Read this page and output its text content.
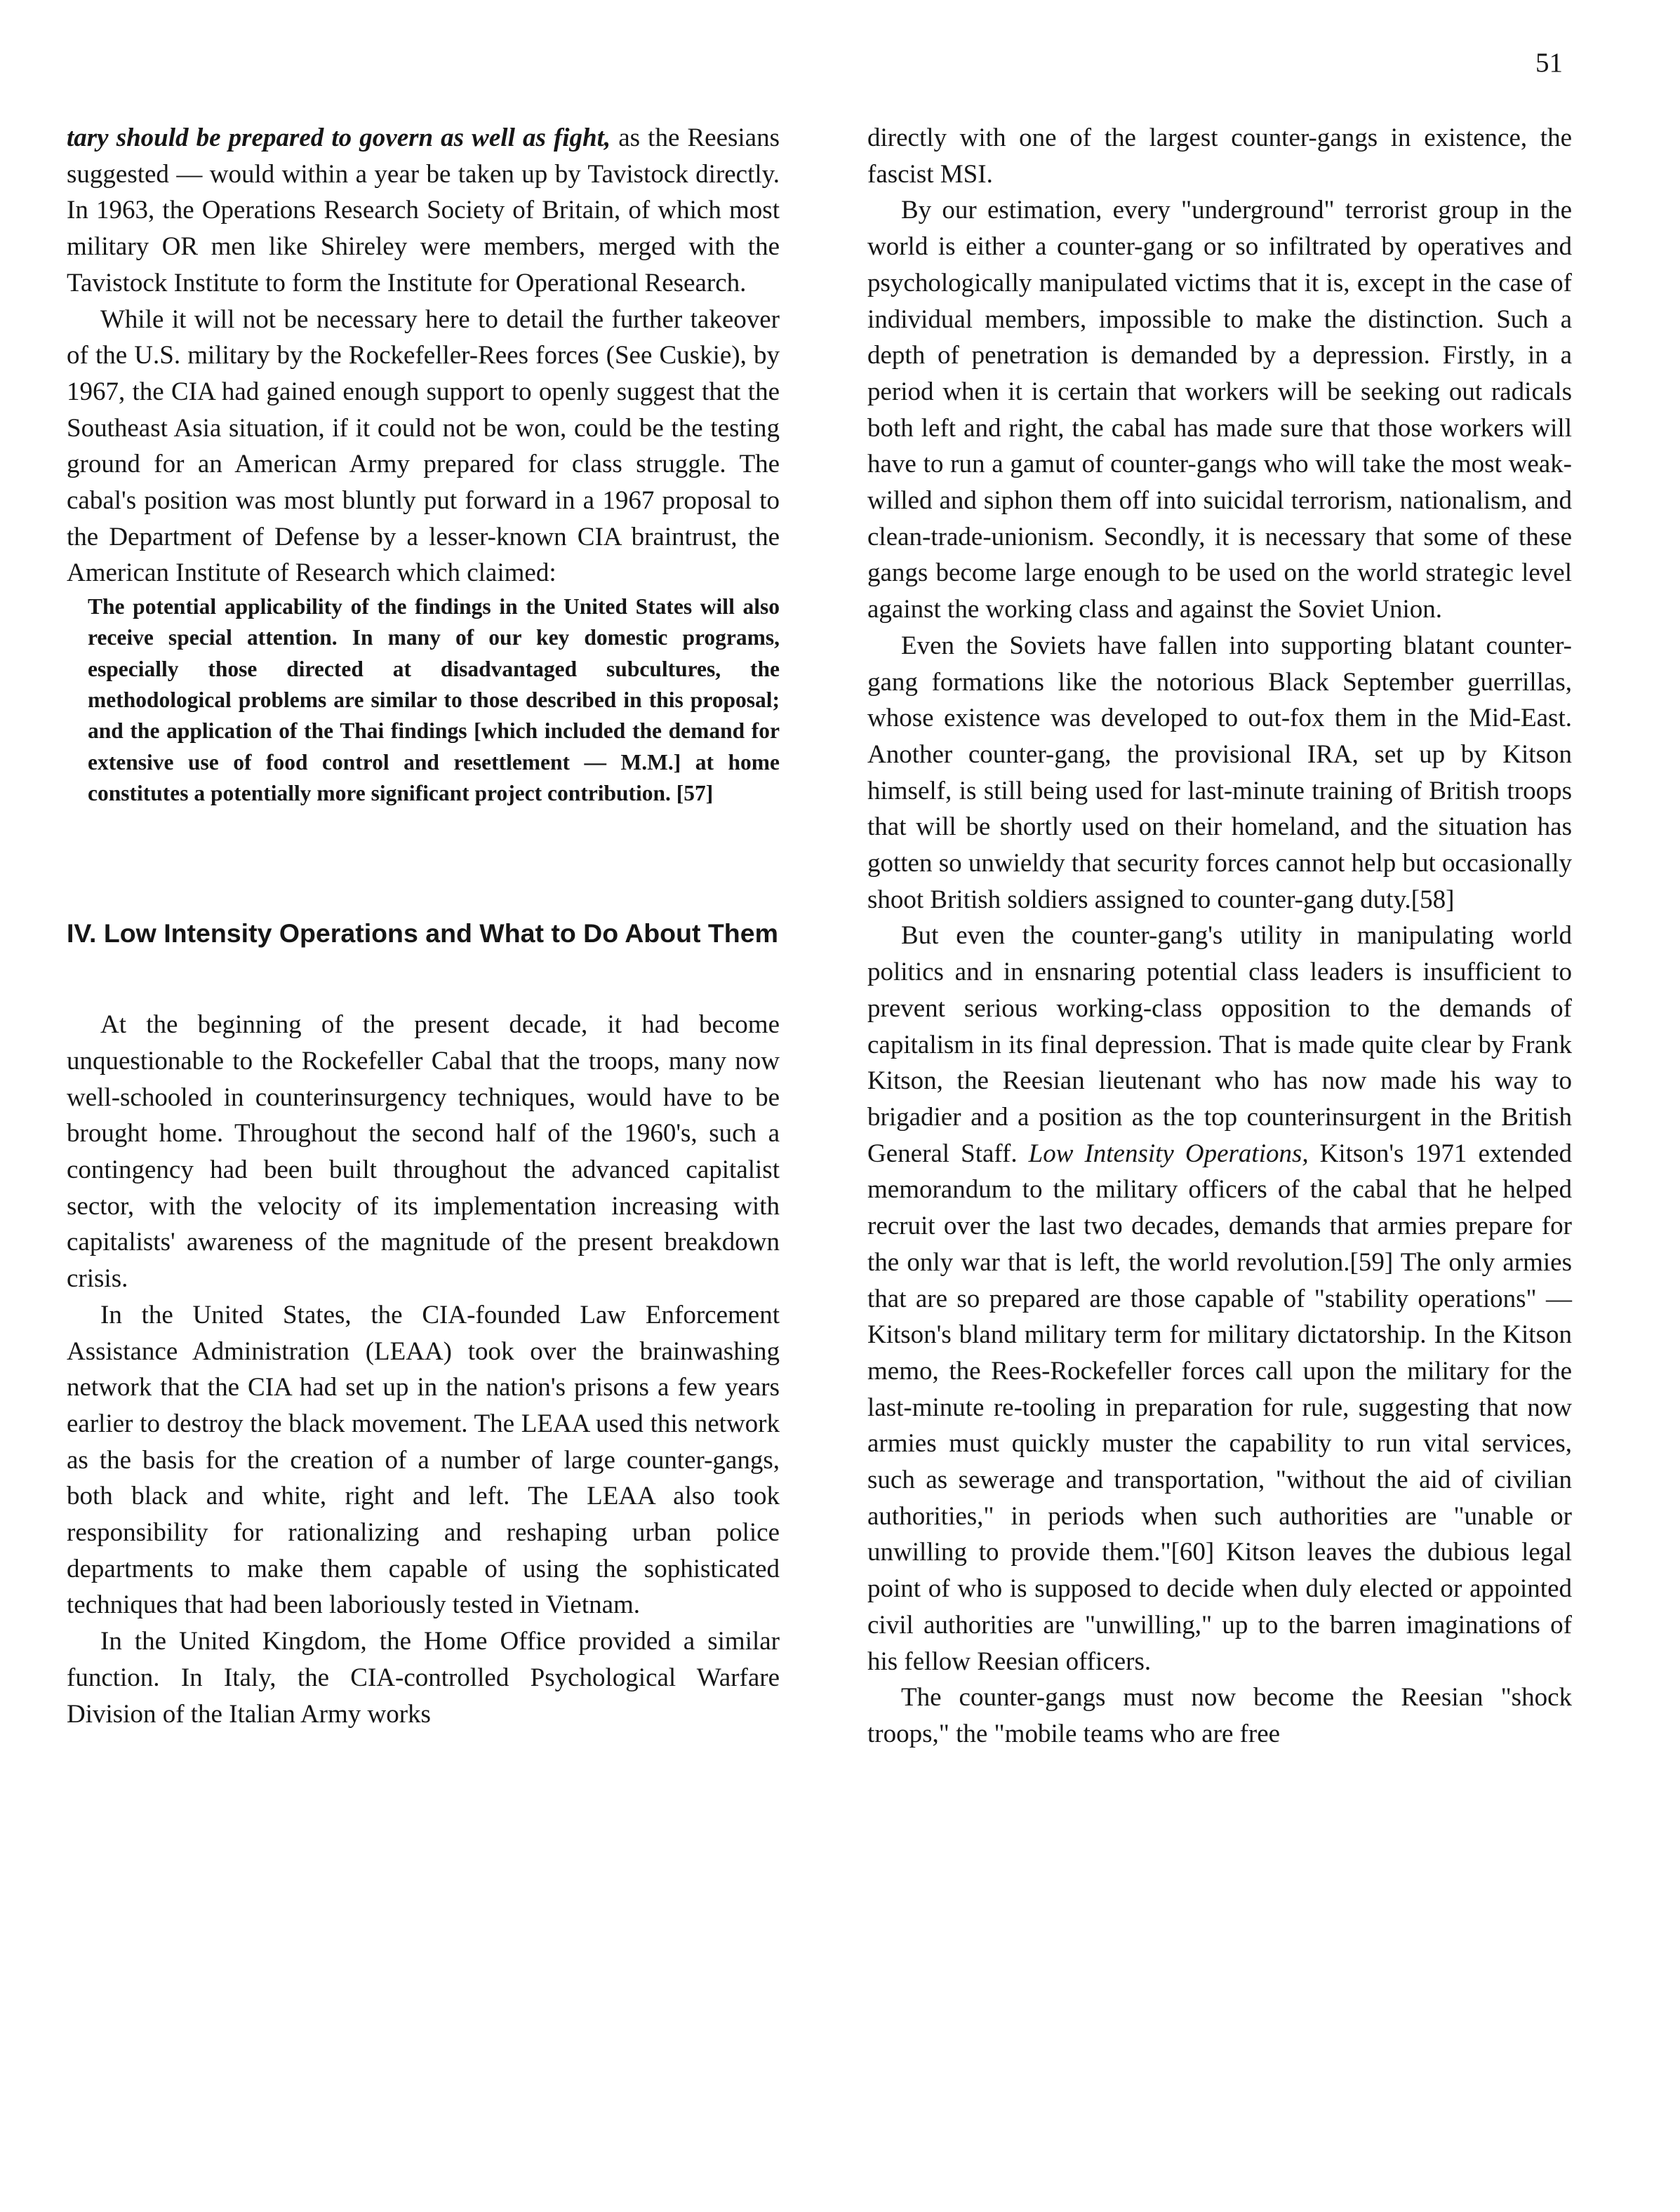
51

tary should be prepared to govern as well as fight, as the Reesians suggested — would within a year be taken up by Tavistock directly. In 1963, the Operations Research Society of Britain, of which most military OR men like Shireley were members, merged with the Tavistock Institute to form the Institute for Operational Research.

While it will not be necessary here to detail the further takeover of the U.S. military by the Rockefeller-Rees forces (See Cuskie), by 1967, the CIA had gained enough support to openly suggest that the Southeast Asia situation, if it could not be won, could be the testing ground for an American Army prepared for class struggle. The cabal's position was most bluntly put forward in a 1967 proposal to the Department of Defense by a lesser-known CIA braintrust, the American Institute of Research which claimed:

The potential applicability of the findings in the United States will also receive special attention. In many of our key domestic programs, especially those directed at disadvantaged subcultures, the methodological problems are similar to those described in this proposal; and the application of the Thai findings [which included the demand for extensive use of food control and resettlement — M.M.] at home constitutes a potentially more significant project contribution. [57]

IV. Low Intensity Operations and What to Do About Them

At the beginning of the present decade, it had become unquestionable to the Rockefeller Cabal that the troops, many now well-schooled in counterinsurgency techniques, would have to be brought home. Throughout the second half of the 1960's, such a contingency had been built throughout the advanced capitalist sector, with the velocity of its implementation increasing with capitalists' awareness of the magnitude of the present breakdown crisis.

In the United States, the CIA-founded Law Enforcement Assistance Administration (LEAA) took over the brainwashing network that the CIA had set up in the nation's prisons a few years earlier to destroy the black movement. The LEAA used this network as the basis for the creation of a number of large counter-gangs, both black and white, right and left. The LEAA also took responsibility for rationalizing and reshaping urban police departments to make them capable of using the sophisticated techniques that had been laboriously tested in Vietnam.

In the United Kingdom, the Home Office provided a similar function. In Italy, the CIA-controlled Psychological Warfare Division of the Italian Army works

directly with one of the largest counter-gangs in existence, the fascist MSI.

By our estimation, every "underground" terrorist group in the world is either a counter-gang or so infiltrated by operatives and psychologically manipulated victims that it is, except in the case of individual members, impossible to make the distinction. Such a depth of penetration is demanded by a depression. Firstly, in a period when it is certain that workers will be seeking out radicals both left and right, the cabal has made sure that those workers will have to run a gamut of counter-gangs who will take the most weak-willed and siphon them off into suicidal terrorism, nationalism, and clean-trade-unionism. Secondly, it is necessary that some of these gangs become large enough to be used on the world strategic level against the working class and against the Soviet Union.

Even the Soviets have fallen into supporting blatant counter-gang formations like the notorious Black September guerrillas, whose existence was developed to out-fox them in the Mid-East. Another counter-gang, the provisional IRA, set up by Kitson himself, is still being used for last-minute training of British troops that will be shortly used on their homeland, and the situation has gotten so unwieldy that security forces cannot help but occasionally shoot British soldiers assigned to counter-gang duty.[58]

But even the counter-gang's utility in manipulating world politics and in ensnaring potential class leaders is insufficient to prevent serious working-class opposition to the demands of capitalism in its final depression. That is made quite clear by Frank Kitson, the Reesian lieutenant who has now made his way to brigadier and a position as the top counterinsurgent in the British General Staff. Low Intensity Operations, Kitson's 1971 extended memorandum to the military officers of the cabal that he helped recruit over the last two decades, demands that armies prepare for the only war that is left, the world revolution.[59] The only armies that are so prepared are those capable of "stability operations" — Kitson's bland military term for military dictatorship. In the Kitson memo, the Rees-Rockefeller forces call upon the military for the last-minute re-tooling in preparation for rule, suggesting that now armies must quickly muster the capability to run vital services, such as sewerage and transportation, "without the aid of civilian authorities," in periods when such authorities are "unable or unwilling to provide them."[60] Kitson leaves the dubious legal point of who is supposed to decide when duly elected or appointed civil authorities are "unwilling," up to the barren imaginations of his fellow Reesian officers.

The counter-gangs must now become the Reesian "shock troops," the "mobile teams who are free
